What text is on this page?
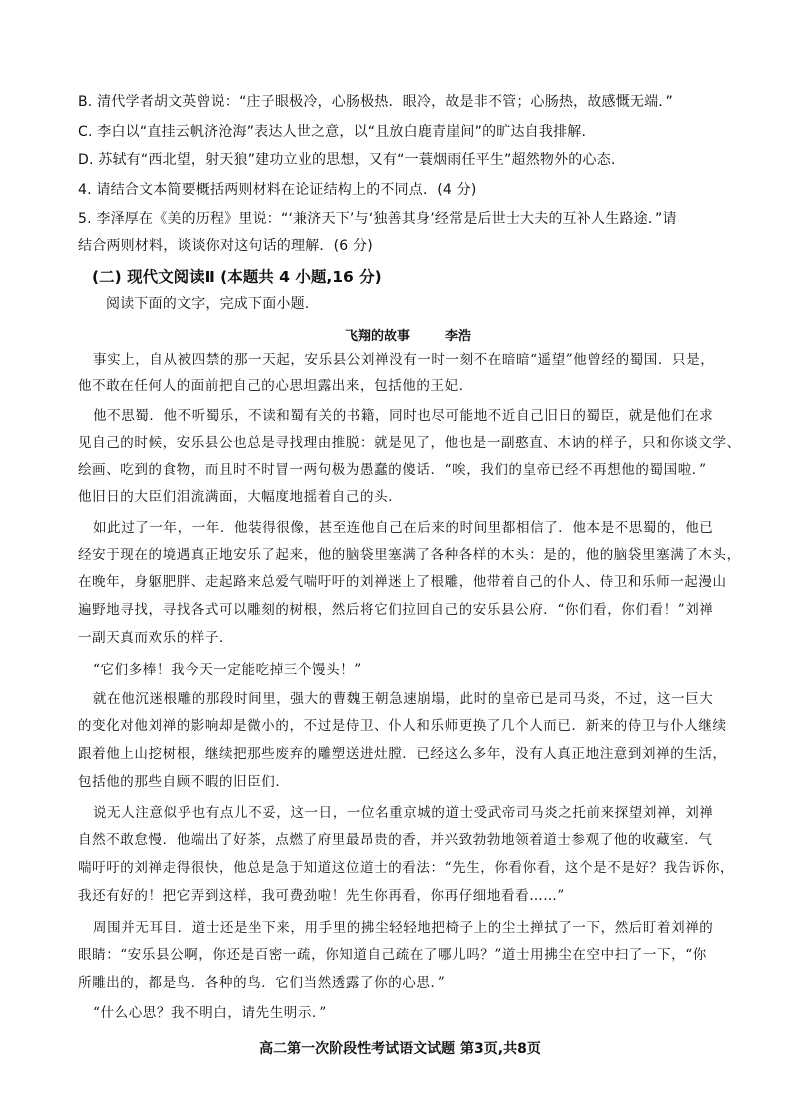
B. 清代学者胡文英曾说：“庄子眼极冷，心肠极热．眼冷，故是非不管；心肠热，故感慨无端．”
C. 李白以“直挂云帆济沧海”表达人世之意，以“且放白鹿青崖间”的旷达自我排解.
D. 苏轼有“西北望，射天狼”建功立业的思想，又有“一蓑烟雨任平生”超然物外的心态.
4. 请结合文本简要概括两则材料在论证结构上的不同点．(4 分)
5. 李泽厚在《美的历程》里说：“‘兼济天下’与‘独善其身’经常是后世士大夫的互补人生路途．”请
结合两则材料，谈谈你对这句话的理解．(6 分)
(二) 现代文阅读Ⅱ (本题共 4 小题,16 分)
阅读下面的文字，完成下面小题.
飞翔的故事	李浩
事实上，自从被四禁的那一天起，安乐县公刘禅没有一时一刻不在暗暗“遥望”他曾经的蜀国．只是，
他不敢在任何人的面前把自己的心思坦露出来，包括他的王妃．
他不思蜀．他不听蜀乐，不读和蜀有关的书籍，同时也尽可能地不近自己旧日的蜀臣，就是他们在求
见自己的时候，安乐县公也总是寻找理由推脱：就是见了，他也是一副憨直、木讷的样子，只和你谈文学、
绘画、吃到的食物，而且时不时冒一两句极为愚蠢的傻话．“唉，我们的皇帝已经不再想他的蜀国啦．”
他旧日的大臣们泪流满面，大幅度地摇着自己的头．
如此过了一年，一年．他装得很像，甚至连他自己在后来的时间里都相信了．他本是不思蜀的，他已
经安于现在的境遇真正地安乐了起来，他的脑袋里塞满了各种各样的木头：是的，他的脑袋里塞满了木头，
在晚年，身躯肥胖、走起路来总爱气喘吁吁的刘禅迷上了根雕，他带着自己的仆人、侍卫和乐师一起漫山
遍野地寻找，寻找各式可以雕刻的树根，然后将它们拉回自己的安乐县公府．“你们看，你们看！”刘禅
一副天真而欢乐的样子．
“它们多棒！我今天一定能吃掉三个馒头！”
就在他沉迷根雕的那段时间里，强大的曹魏王朝急速崩塌，此时的皇帝已是司马炎，不过，这一巨大
的变化对他刘禅的影响却是微小的，不过是侍卫、仆人和乐师更换了几个人而已．新来的侍卫与仆人继续
跟着他上山挖树根，继续把那些废弃的雕塑送进灶膛．已经这么多年，没有人真正地注意到刘禅的生活，
包括他的那些自顾不暇的旧臣们．
说无人注意似乎也有点儿不妥，这一日，一位名重京城的道士受武帝司马炎之托前来探望刘禅，刘禅
自然不敢怠慢．他端出了好茶，点燃了府里最昂贵的香，并兴致勃勃地领着道士参观了他的收藏室．气
喘吁吁的刘禅走得很快，他总是急于知道这位道士的看法：“先生，你看你看，这个是不是好？我告诉你，
我还有好的！把它弄到这样，我可费劲啦！先生你再看，你再仔细地看看……”
周围并无耳目．道士还是坐下来，用手里的拂尘轻轻地把椅子上的尘土掸拭了一下，然后盯着刘禅的
眼睛：“安乐县公啊，你还是百密一疏，你知道自己疏在了哪儿吗？”道士用拂尘在空中扫了一下，“你
所雕出的，都是鸟．各种的鸟．它们当然透露了你的心思．”
“什么心思？我不明白，请先生明示．”
高二第一次阶段性考试语文试题 第3页,共8页
